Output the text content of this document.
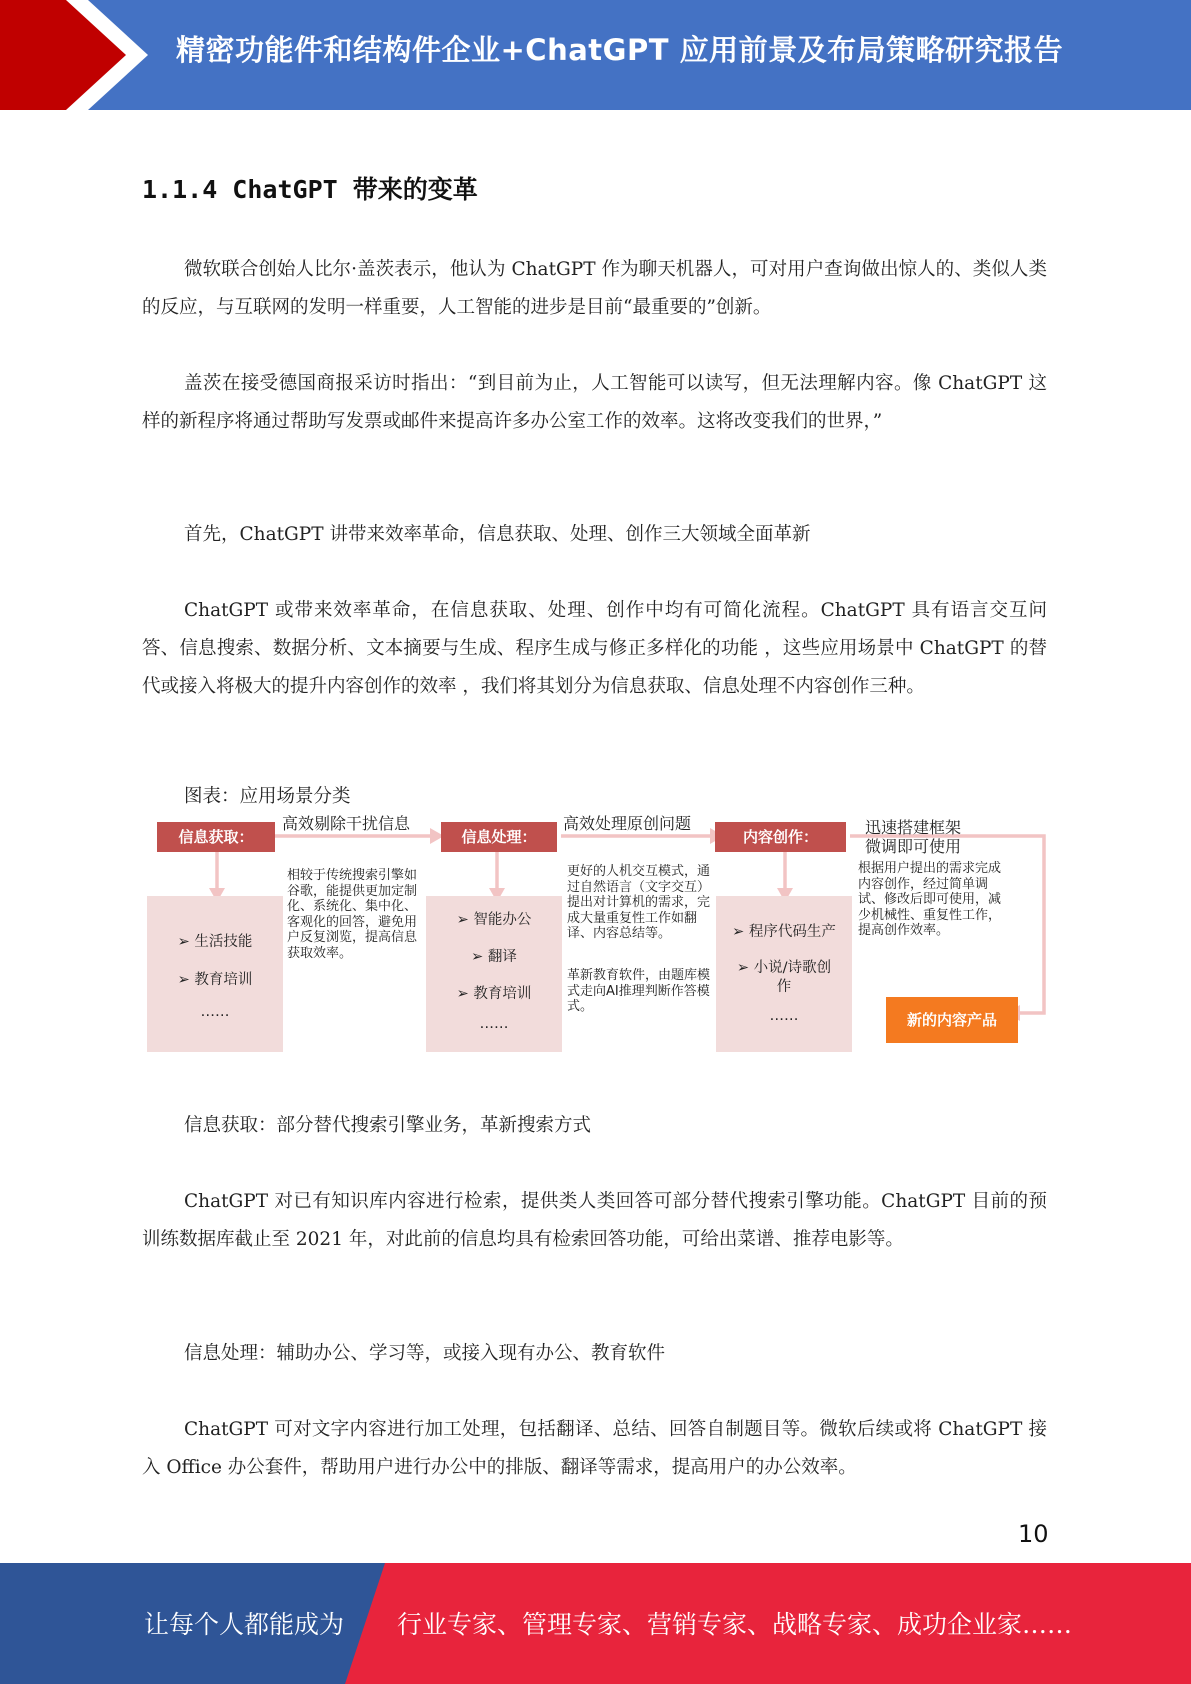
精密功能件和结构件企业+ChatGPT 应用前景及布局策略研究报告
1.1.4 ChatGPT 带来的变革

微软联合创始人比尔·盖茨表示，他认为 ChatGPT 作为聊天机器人，可对用户查询做出惊人的、类似人类的反应，与互联网的发明一样重要，人工智能的进步是目前“最重要的”创新。

盖茨在接受德国商报采访时指出：“到目前为止，人工智能可以读写，但无法理解内容。像 ChatGPT 这样的新程序将通过帮助写发票或邮件来提高许多办公室工作的效率。这将改变我们的世界，”

首先，ChatGPT 讲带来效率革命，信息获取、处理、创作三大领域全面革新

ChatGPT 或带来效率革命，在信息获取、处理、创作中均有可简化流程。ChatGPT 具有语言交互问答、信息搜索、数据分析、文本摘要与生成、程序生成与修正多样化的功能 ，这些应用场景中 ChatGPT 的替代或接入将极大的提升内容创作的效率 ，我们将其划分为信息获取、信息处理不内容创作三种。

图表：应用场景分类
信息获取：
高效剔除干扰信息
➢ 生活技能
➢ 教育培训
……
相较于传统搜索引擎如谷歌，能提供更加定制化、系统化、集中化、客观化的回答，避免用户反复浏览，提高信息获取效率。
信息处理：
高效处理原创问题
➢ 智能办公
➢ 翻译
➢ 教育培训
……
更好的人机交互模式，通过自然语言（文字交互）提出对计算机的需求，完成大量重复性工作如翻译、内容总结等。
革新教育软件，由题库模式走向AI推理判断作答模式。
内容创作：	迅速搭建框架
微调即可使用
➢ 程序代码生产
➢ 小说/诗歌创
作
……
根据用户提出的需求完成内容创作，经过简单调试、修改后即可使用，减少机械性、重复性工作，提高创作效率。
新的内容产品

信息获取：部分替代搜索引擎业务，革新搜索方式

ChatGPT 对已有知识库内容进行检索，提供类人类回答可部分替代搜索引擎功能。ChatGPT 目前的预训练数据库截止至 2021 年，对此前的信息均具有检索回答功能，可给出菜谱、推荐电影等。

信息处理：辅助办公、学习等，或接入现有办公、教育软件

ChatGPT 可对文字内容进行加工处理，包括翻译、总结、回答自制题目等。微软后续或将 ChatGPT 接入 Office 办公套件，帮助用户进行办公中的排版、翻译等需求，提高用户的办公效率。

10
让每个人都能成为 行业专家、管理专家、营销专家、战略专家、成功企业家……
